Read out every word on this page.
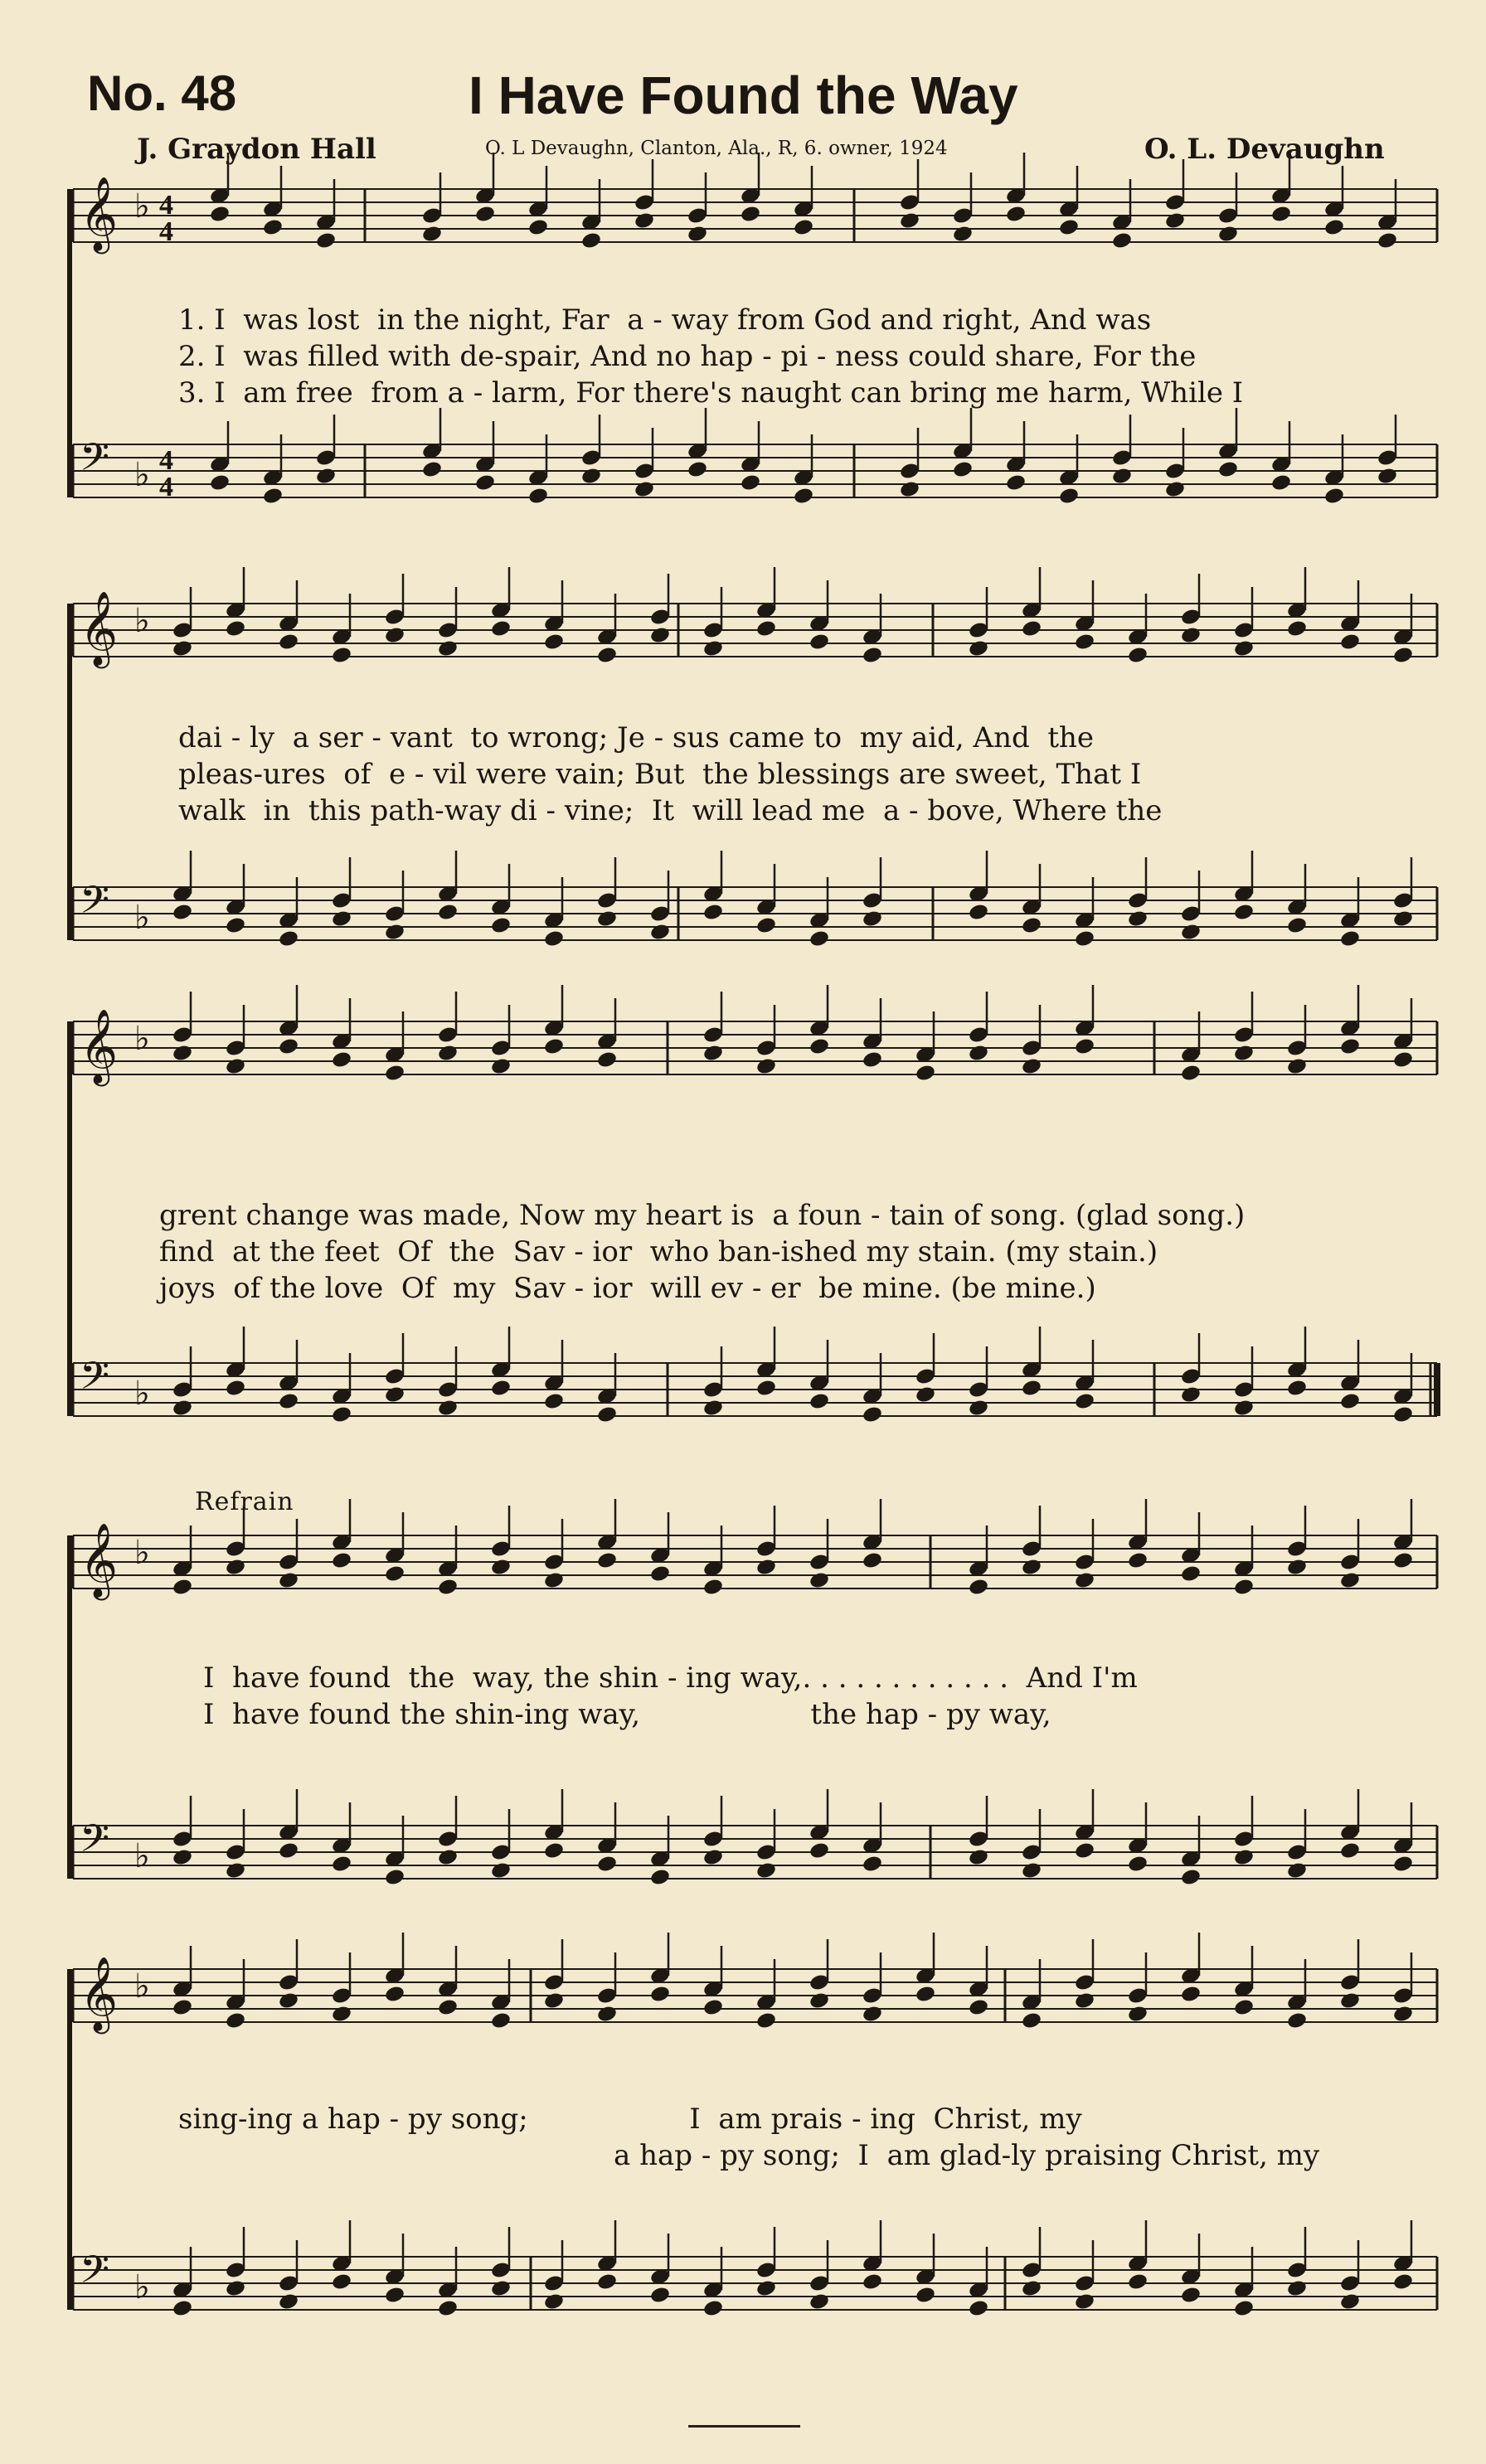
No. 48	I Have Found the Way
J. Graydon Hall	O. L Devaughn, Clanton, Ala., R, 6. owner, 1924	O. L. Devaughn
𝄞 ♭ 4
4
𝄢 ♭ 4
4
𝄞 ♭
𝄢 ♭
𝄞 ♭
𝄢 ♭
𝄞 ♭
𝄢 ♭
𝄞 ♭
𝄢 ♭
1. I  was lost  in the night, Far  a - way from God and right, And was
2. I  was filled with de-spair, And no hap - pi - ness could share, For the
3. I  am free  from a - larm, For there's naught can bring me harm, While I
dai - ly  a ser - vant  to wrong; Je - sus came to  my aid, And  the
pleas-ures  of  e - vil were vain; But  the blessings are sweet, That I
walk  in  this path-way di - vine;  It  will lead me  a - bove, Where the
grent change was made, Now my heart is  a foun - tain of song. (glad song.)
find  at the feet  Of  the  Sav - ior  who ban-ished my stain. (my stain.)
joys  of the love  Of  my  Sav - ior  will ev - er  be mine. (be mine.)
Refrain
I  have found  the  way, the shin - ing way,. . . . . . . . . . . .  And I'm
I  have found the shin-ing way,                   the hap - py way,
sing-ing a hap - py song;                  I  am prais - ing  Christ, my
a hap - py song;  I  am glad-ly praising Christ, my
